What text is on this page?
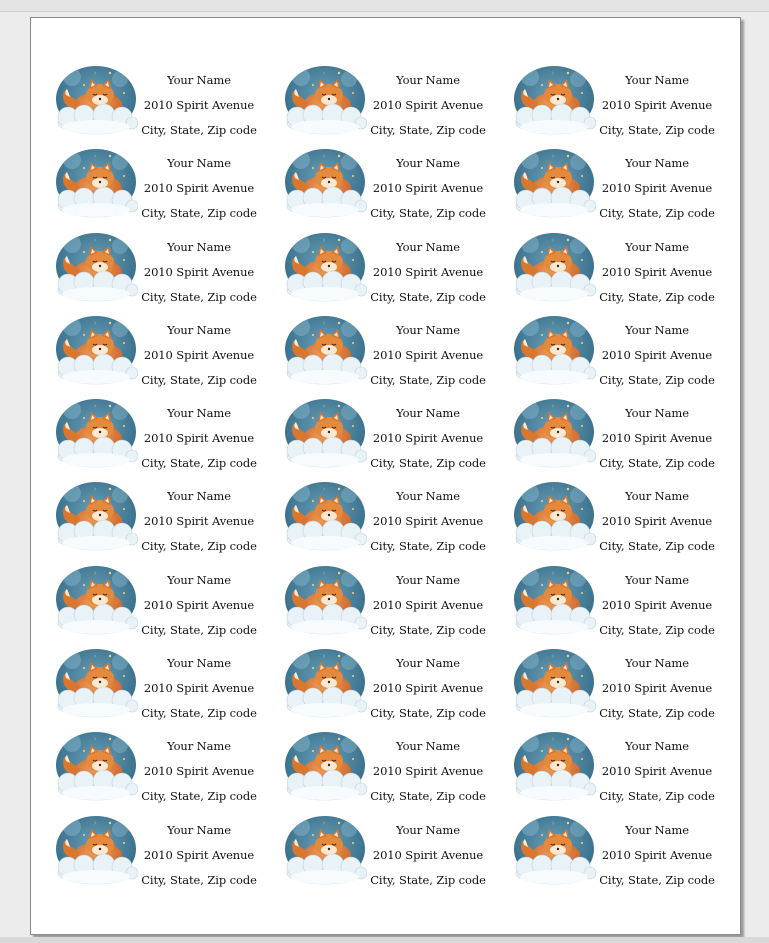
Your Name
2010 Spirit Avenue
City, State, Zip code
Your Name
2010 Spirit Avenue
City, State, Zip code
Your Name
2010 Spirit Avenue
City, State, Zip code
Your Name
2010 Spirit Avenue
City, State, Zip code
Your Name
2010 Spirit Avenue
City, State, Zip code
Your Name
2010 Spirit Avenue
City, State, Zip code
Your Name
2010 Spirit Avenue
City, State, Zip code
Your Name
2010 Spirit Avenue
City, State, Zip code
Your Name
2010 Spirit Avenue
City, State, Zip code
Your Name
2010 Spirit Avenue
City, State, Zip code
Your Name
2010 Spirit Avenue
City, State, Zip code
Your Name
2010 Spirit Avenue
City, State, Zip code
Your Name
2010 Spirit Avenue
City, State, Zip code
Your Name
2010 Spirit Avenue
City, State, Zip code
Your Name
2010 Spirit Avenue
City, State, Zip code
Your Name
2010 Spirit Avenue
City, State, Zip code
Your Name
2010 Spirit Avenue
City, State, Zip code
Your Name
2010 Spirit Avenue
City, State, Zip code
Your Name
2010 Spirit Avenue
City, State, Zip code
Your Name
2010 Spirit Avenue
City, State, Zip code
Your Name
2010 Spirit Avenue
City, State, Zip code
Your Name
2010 Spirit Avenue
City, State, Zip code
Your Name
2010 Spirit Avenue
City, State, Zip code
Your Name
2010 Spirit Avenue
City, State, Zip code
Your Name
2010 Spirit Avenue
City, State, Zip code
Your Name
2010 Spirit Avenue
City, State, Zip code
Your Name
2010 Spirit Avenue
City, State, Zip code
Your Name
2010 Spirit Avenue
City, State, Zip code
Your Name
2010 Spirit Avenue
City, State, Zip code
Your Name
2010 Spirit Avenue
City, State, Zip code
